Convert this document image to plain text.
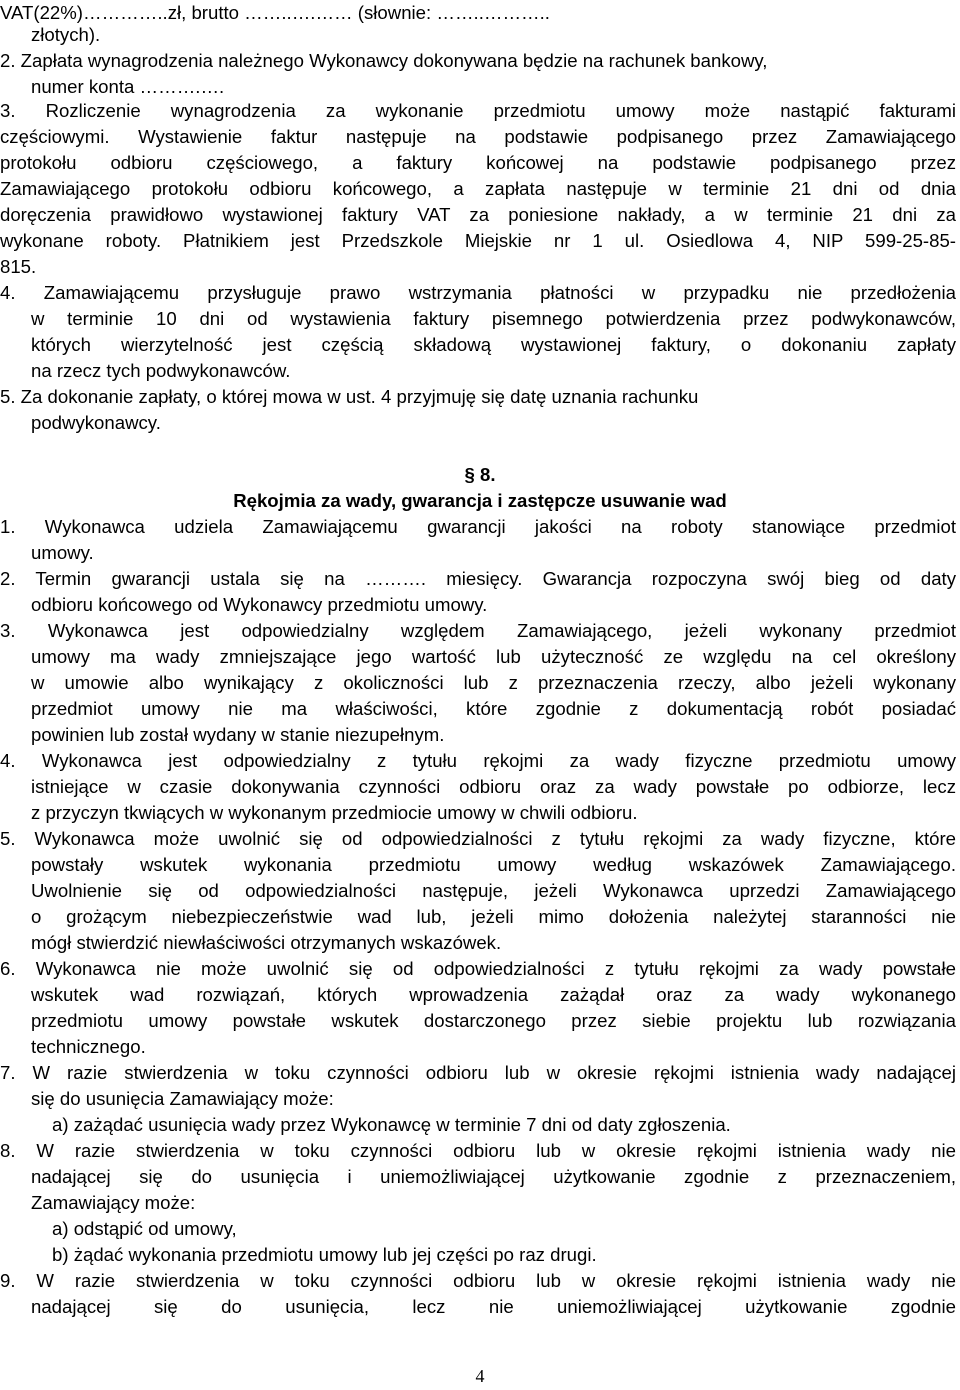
VAT(22%)…………..zł, brutto ……..….…… (słownie: ……..………..
złotych).
2. Zapłata wynagrodzenia należnego Wykonawcy dokonywana będzie na rachunek bankowy,
numer konta ……….….
3. Rozliczenie wynagrodzenia za wykonanie przedmiotu umowy może nastąpić fakturami
częściowymi. Wystawienie faktur następuje na podstawie podpisanego przez Zamawiającego
protokołu odbioru częściowego, a faktury końcowej na podstawie podpisanego przez
Zamawiającego protokołu odbioru końcowego, a zapłata następuje w terminie 21 dni od dnia
doręczenia prawidłowo wystawionej faktury VAT za poniesione nakłady, a w terminie 21 dni za
wykonane roboty. Płatnikiem jest Przedszkole Miejskie nr 1 ul. Osiedlowa 4, NIP 599-25-85-
815.
4. Zamawiającemu przysługuje prawo wstrzymania płatności w przypadku nie przedłożenia
w terminie 10 dni od wystawienia faktury pisemnego potwierdzenia przez podwykonawców,
których wierzytelność jest częścią składową wystawionej faktury, o dokonaniu zapłaty
na rzecz tych podwykonawców.
5. Za dokonanie zapłaty, o której mowa w ust. 4 przyjmuję się datę uznania rachunku
podwykonawcy.
§ 8.
Rękojmia za wady, gwarancja i zastępcze usuwanie wad
1. Wykonawca udziela Zamawiającemu gwarancji jakości na roboty stanowiące przedmiot
umowy.
2. Termin gwarancji ustala się na ………. miesięcy. Gwarancja rozpoczyna swój bieg od daty
odbioru końcowego od Wykonawcy przedmiotu umowy.
3. Wykonawca jest odpowiedzialny względem Zamawiającego, jeżeli wykonany przedmiot
umowy ma wady zmniejszające jego wartość lub użyteczność ze względu na cel określony
w umowie albo wynikający z okoliczności lub z przeznaczenia rzeczy, albo jeżeli wykonany
przedmiot umowy nie ma właściwości, które zgodnie z dokumentacją robót posiadać
powinien lub został wydany w stanie niezupełnym.
4. Wykonawca jest odpowiedzialny z tytułu rękojmi za wady fizyczne przedmiotu umowy
istniejące w czasie dokonywania czynności odbioru oraz za wady powstałe po odbiorze, lecz
z przyczyn tkwiących w wykonanym przedmiocie umowy w chwili odbioru.
5. Wykonawca może uwolnić się od odpowiedzialności z tytułu rękojmi za wady fizyczne, które
powstały wskutek wykonania przedmiotu umowy według wskazówek Zamawiającego.
Uwolnienie się od odpowiedzialności następuje, jeżeli Wykonawca uprzedzi Zamawiającego
o grożącym niebezpieczeństwie wad lub, jeżeli mimo dołożenia należytej staranności nie
mógł stwierdzić niewłaściwości otrzymanych wskazówek.
6. Wykonawca nie może uwolnić się od odpowiedzialności z tytułu rękojmi za wady powstałe
wskutek wad rozwiązań, których wprowadzenia zażądał oraz za wady wykonanego
przedmiotu umowy powstałe wskutek dostarczonego przez siebie projektu lub rozwiązania
technicznego.
7. W razie stwierdzenia w toku czynności odbioru lub w okresie rękojmi istnienia wady nadającej
się do usunięcia Zamawiający może:
a) zażądać usunięcia wady przez Wykonawcę w terminie 7 dni od daty zgłoszenia.
8. W razie stwierdzenia w toku czynności odbioru lub w okresie rękojmi istnienia wady nie
nadającej się do usunięcia i uniemożliwiającej użytkowanie zgodnie z przeznaczeniem,
Zamawiający może:
a) odstąpić od umowy,
b) żądać wykonania przedmiotu umowy lub jej części po raz drugi.
9. W razie stwierdzenia w toku czynności odbioru lub w okresie rękojmi istnienia wady nie
nadającej się do usunięcia, lecz nie uniemożliwiającej użytkowanie zgodnie
4
